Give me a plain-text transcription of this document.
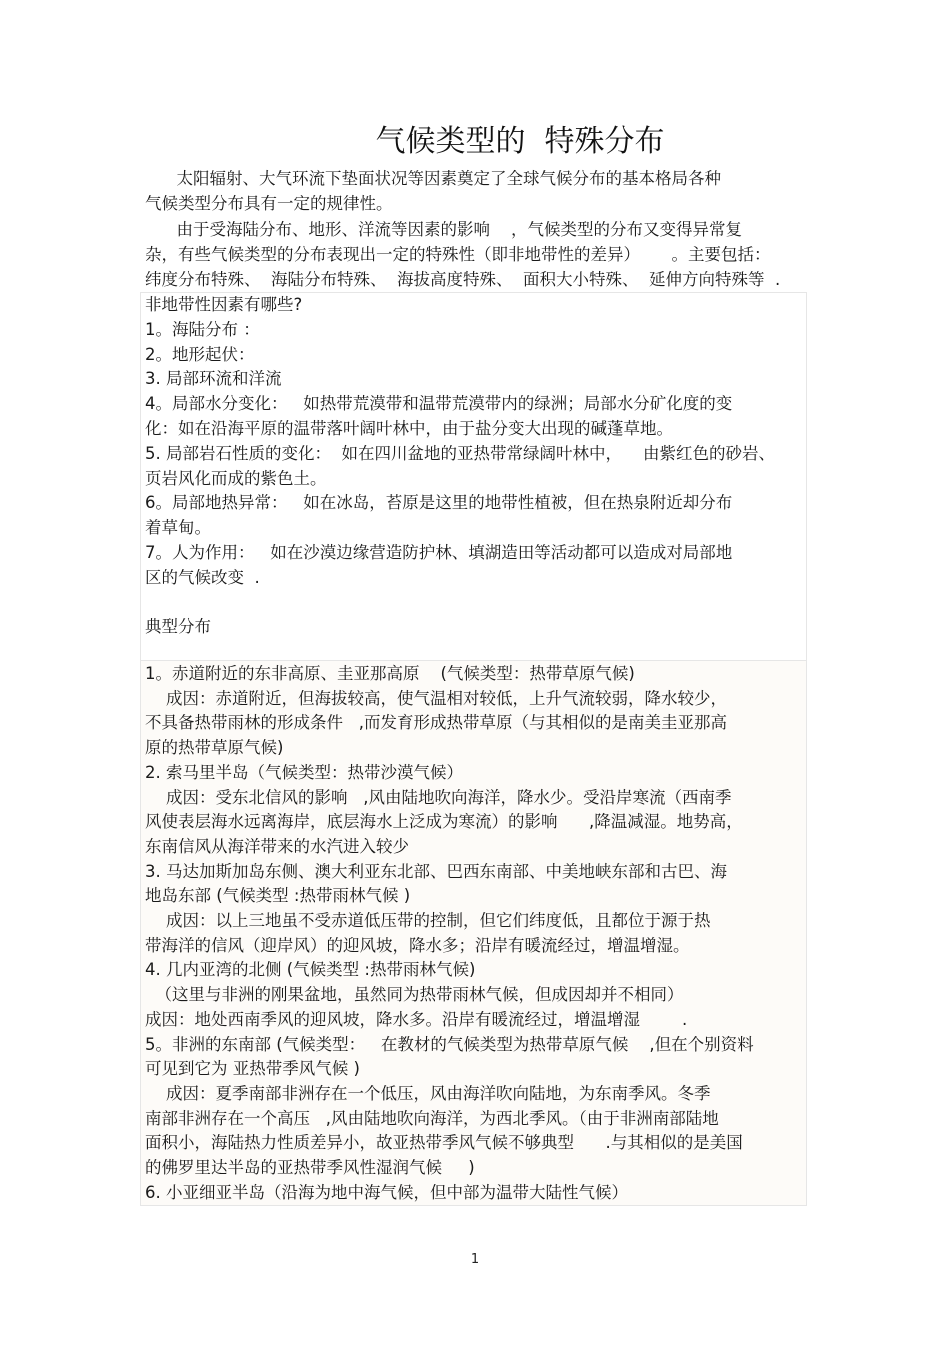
气候类型的  特殊分布
太阳辐射、大气环流下垫面状况等因素奠定了全球气候分布的基本格局各种
气候类型分布具有一定的规律性。
由于受海陆分布、地形、洋流等因素的影响    ，气候类型的分布又变得异常复
杂，有些气候类型的分布表现出一定的特殊性（即非地带性的差异）      。主要包括：
纬度分布特殊、  海陆分布特殊、  海拔高度特殊、  面积大小特殊、  延伸方向特殊等  .
非地带性因素有哪些?
1。海陆分布 ：
2。地形起伏：
3. 局部环流和洋流
4。局部水分变化：   如热带荒漠带和温带荒漠带内的绿洲；局部水分矿化度的变
化：如在沿海平原的温带落叶阔叶林中，由于盐分变大出现的碱蓬草地。
5. 局部岩石性质的变化：  如在四川盆地的亚热带常绿阔叶林中，    由紫红色的砂岩、
页岩风化而成的紫色土。
6。局部地热异常：   如在冰岛，苔原是这里的地带性植被，但在热泉附近却分布
着草甸。
7。人为作用：   如在沙漠边缘营造防护林、填湖造田等活动都可以造成对局部地
区的气候改变  .
典型分布
1。赤道附近的东非高原、圭亚那高原    (气候类型：热带草原气候)
成因：赤道附近，但海拔较高，使气温相对较低，上升气流较弱，降水较少，
不具备热带雨林的形成条件   ,而发育形成热带草原（与其相似的是南美圭亚那高
原的热带草原气候)
2. 索马里半岛（气候类型：热带沙漠气候）
成因：受东北信风的影响   ,风由陆地吹向海洋，降水少。受沿岸寒流（西南季
风使表层海水远离海岸，底层海水上泛成为寒流）的影响      ,降温减湿。地势高，
东南信风从海洋带来的水汽进入较少
3. 马达加斯加岛东侧、澳大利亚东北部、巴西东南部、中美地峡东部和古巴、海
地岛东部 (气候类型 :热带雨林气候 )
成因：以上三地虽不受赤道低压带的控制，但它们纬度低，且都位于源于热
带海洋的信风（迎岸风）的迎风坡，降水多；沿岸有暖流经过，增温增湿。
4. 几内亚湾的北侧 (气候类型 :热带雨林气候)
（这里与非洲的刚果盆地，虽然同为热带雨林气候，但成因却并不相同）
成因：地处西南季风的迎风坡，降水多。沿岸有暖流经过，增温增湿        .
5。非洲的东南部 (气候类型：   在教材的气候类型为热带草原气候    ,但在个别资料
可见到它为 亚热带季风气候 )
成因：夏季南部非洲存在一个低压，风由海洋吹向陆地，为东南季风。冬季
南部非洲存在一个高压   ,风由陆地吹向海洋，为西北季风。（由于非洲南部陆地
面积小，海陆热力性质差异小，故亚热带季风气候不够典型      .与其相似的是美国
的佛罗里达半岛的亚热带季风性湿润气候     )
6. 小亚细亚半岛（沿海为地中海气候，但中部为温带大陆性气候）
1
